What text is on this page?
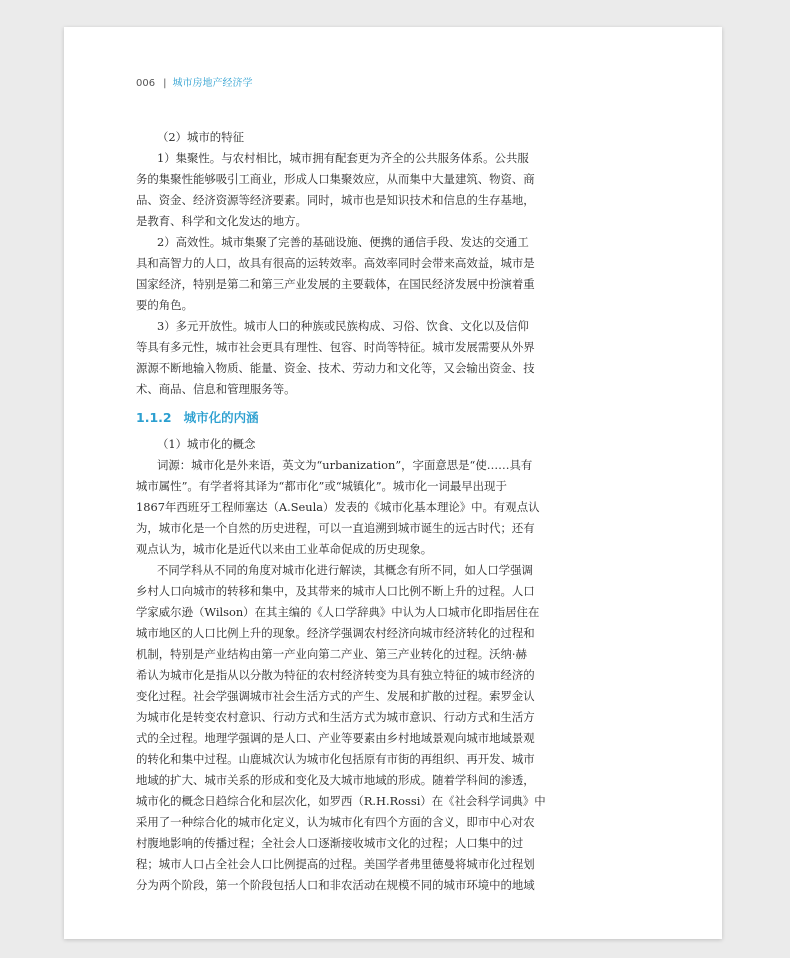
006 | 城市房地产经济学

（2）城市的特征

1）集聚性。与农村相比，城市拥有配套更为齐全的公共服务体系。公共服
务的集聚性能够吸引工商业，形成人口集聚效应，从而集中大量建筑、物资、商
品、资金、经济资源等经济要素。同时，城市也是知识技术和信息的生存基地，
是教育、科学和文化发达的地方。

2）高效性。城市集聚了完善的基础设施、便携的通信手段、发达的交通工
具和高智力的人口，故具有很高的运转效率。高效率同时会带来高效益，城市是
国家经济，特别是第二和第三产业发展的主要载体，在国民经济发展中扮演着重
要的角色。

3）多元开放性。城市人口的种族或民族构成、习俗、饮食、文化以及信仰
等具有多元性，城市社会更具有理性、包容、时尚等特征。城市发展需要从外界
源源不断地输入物质、能量、资金、技术、劳动力和文化等，又会输出资金、技
术、商品、信息和管理服务等。

1.1.2 城市化的内涵

（1）城市化的概念

词源：城市化是外来语，英文为“urbanization”，字面意思是“使……具有
城市属性”。有学者将其译为“都市化”或“城镇化”。城市化一词最早出现于
1867年西班牙工程师塞达（A.Seula）发表的《城市化基本理论》中。有观点认
为，城市化是一个自然的历史进程，可以一直追溯到城市诞生的远古时代；还有
观点认为，城市化是近代以来由工业革命促成的历史现象。

不同学科从不同的角度对城市化进行解读，其概念有所不同，如人口学强调
乡村人口向城市的转移和集中，及其带来的城市人口比例不断上升的过程。人口
学家威尔逊（Wilson）在其主编的《人口学辞典》中认为人口城市化即指居住在
城市地区的人口比例上升的现象。经济学强调农村经济向城市经济转化的过程和
机制，特别是产业结构由第一产业向第二产业、第三产业转化的过程。沃纳·赫
希认为城市化是指从以分散为特征的农村经济转变为具有独立特征的城市经济的
变化过程。社会学强调城市社会生活方式的产生、发展和扩散的过程。索罗金认
为城市化是转变农村意识、行动方式和生活方式为城市意识、行动方式和生活方
式的全过程。地理学强调的是人口、产业等要素由乡村地域景观向城市地域景观
的转化和集中过程。山鹿城次认为城市化包括原有市街的再组织、再开发、城市
地域的扩大、城市关系的形成和变化及大城市地域的形成。随着学科间的渗透，
城市化的概念日趋综合化和层次化，如罗西（R.H.Rossi）在《社会科学词典》中
采用了一种综合化的城市化定义，认为城市化有四个方面的含义，即市中心对农
村腹地影响的传播过程；全社会人口逐渐接收城市文化的过程；人口集中的过
程；城市人口占全社会人口比例提高的过程。美国学者弗里德曼将城市化过程划
分为两个阶段，第一个阶段包括人口和非农活动在规模不同的城市环境中的地域
